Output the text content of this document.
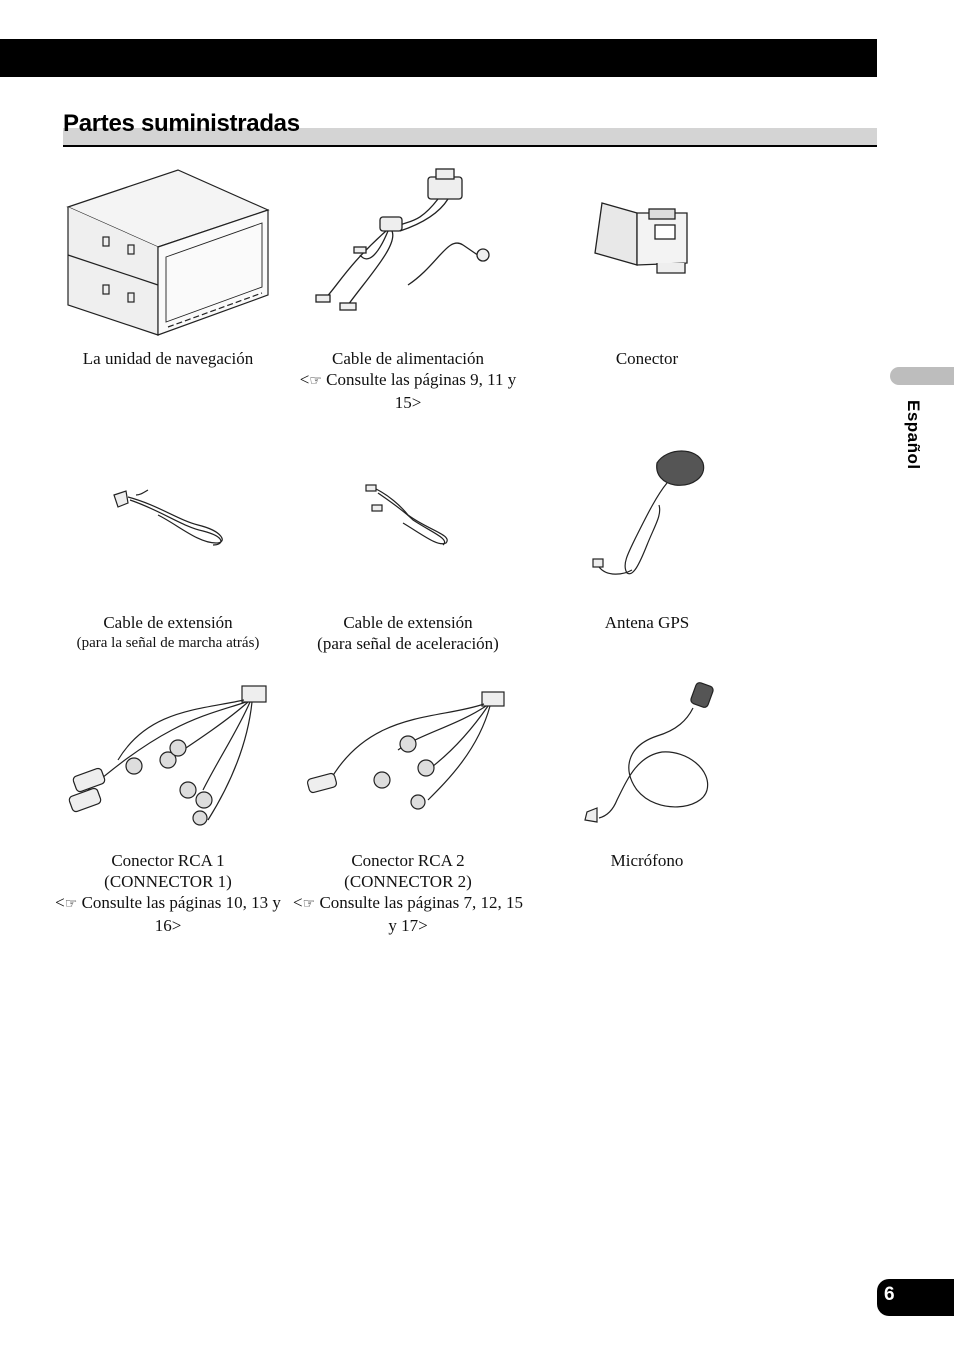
Partes suministradas
Español
La unidad de navegación	Cable de alimentación
<☞ Consulte las páginas 9, 11 y 15>
Conector
Cable de extensión
(para la señal de marcha atrás)
Cable de extensión
(para señal de aceleración)
Antena GPS
Conector RCA 1
(CONNECTOR 1)
<☞ Consulte las páginas 10, 13 y 16>
Conector RCA 2
(CONNECTOR 2)
<☞ Consulte las páginas 7, 12, 15 y 17>
Micrófono
6
